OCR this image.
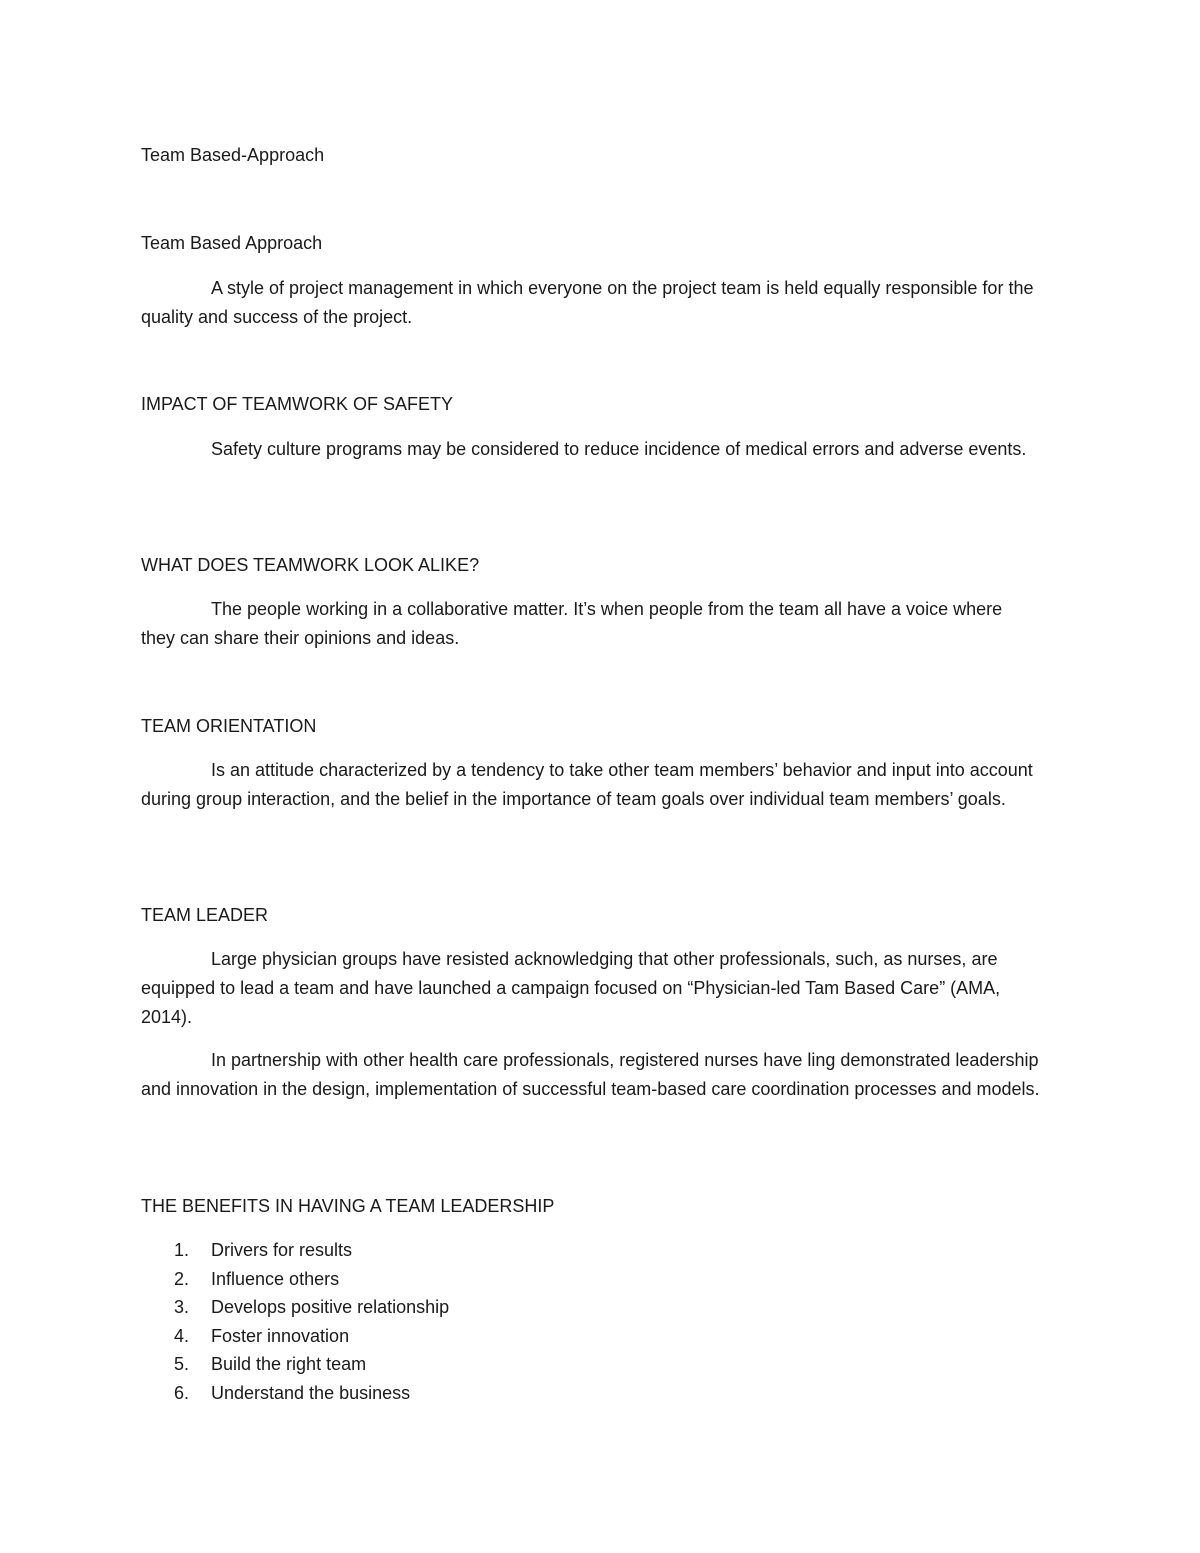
Team Based-Approach
Team Based Approach

A style of project management in which everyone on the project team is held equally responsible for the quality and success of the project.

IMPACT OF TEAMWORK OF SAFETY

Safety culture programs may be considered to reduce incidence of medical errors and adverse events.

WHAT DOES TEAMWORK LOOK ALIKE?

The people working in a collaborative matter. It’s when people from the team all have a voice where they can share their opinions and ideas.

TEAM ORIENTATION

Is an attitude characterized by a tendency to take other team members’ behavior and input into account during group interaction, and the belief in the importance of team goals over individual team members’ goals.

TEAM LEADER

Large physician groups have resisted acknowledging that other professionals, such, as nurses, are equipped to lead a team and have launched a campaign focused on “Physician-led Tam Based Care” (AMA, 2014).

In partnership with other health care professionals, registered nurses have ling demonstrated leadership and innovation in the design, implementation of successful team-based care coordination processes and models.

THE BENEFITS IN HAVING A TEAM LEADERSHIP
1.	Drivers for results
2.	Influence others
3.	Develops positive relationship
4.	Foster innovation
5.	Build the right team
6.	Understand the business
